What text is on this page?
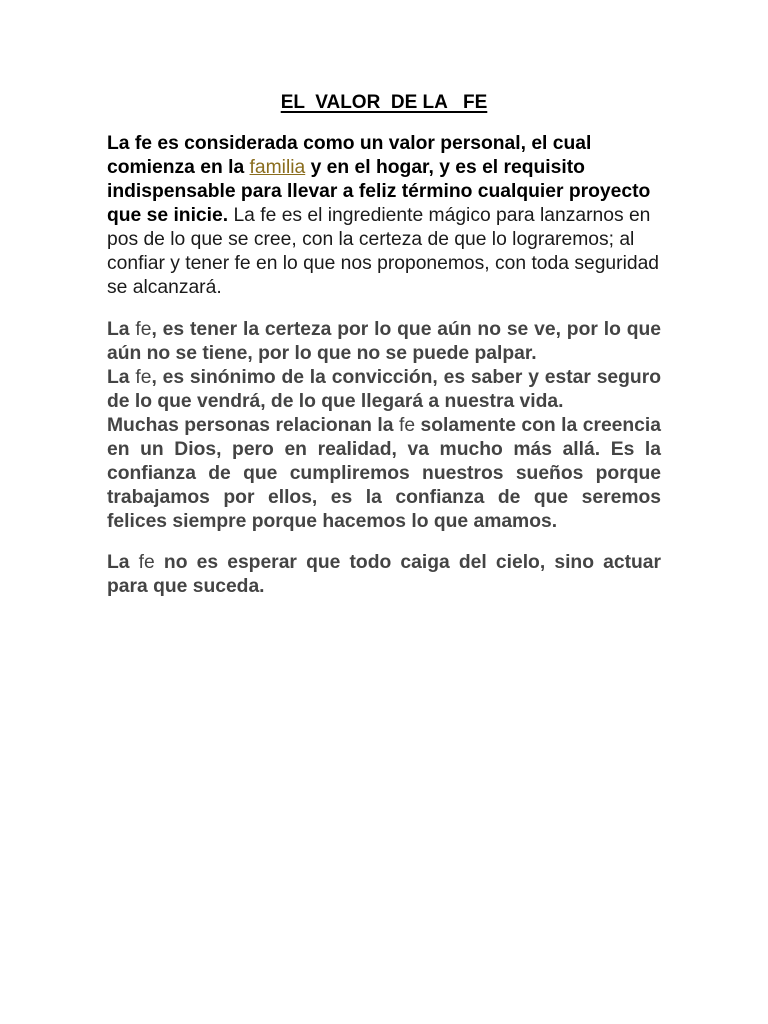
EL  VALOR  DE LA   FE

La fe es considerada como un valor personal, el cual comienza en la familia y en el hogar, y es el requisito indispensable para llevar a feliz término cualquier proyecto que se inicie. La fe es el ingrediente mágico para lanzarnos en pos de lo que se cree, con la certeza de que lo lograremos; al confiar y tener fe en lo que nos proponemos, con toda seguridad se alcanzará.

La fe, es tener la certeza por lo que aún no se ve, por lo que aún no se tiene, por lo que no se puede palpar.
La fe, es sinónimo de la convicción, es saber y estar seguro de lo que vendrá, de lo que llegará a nuestra vida.
Muchas personas relacionan la fe solamente con la creencia en un Dios, pero en realidad, va mucho más allá. Es la confianza de que cumpliremos nuestros sueños porque trabajamos por ellos, es la confianza de que seremos felices siempre porque hacemos lo que amamos.

La fe no es esperar que todo caiga del cielo, sino actuar para que suceda.
